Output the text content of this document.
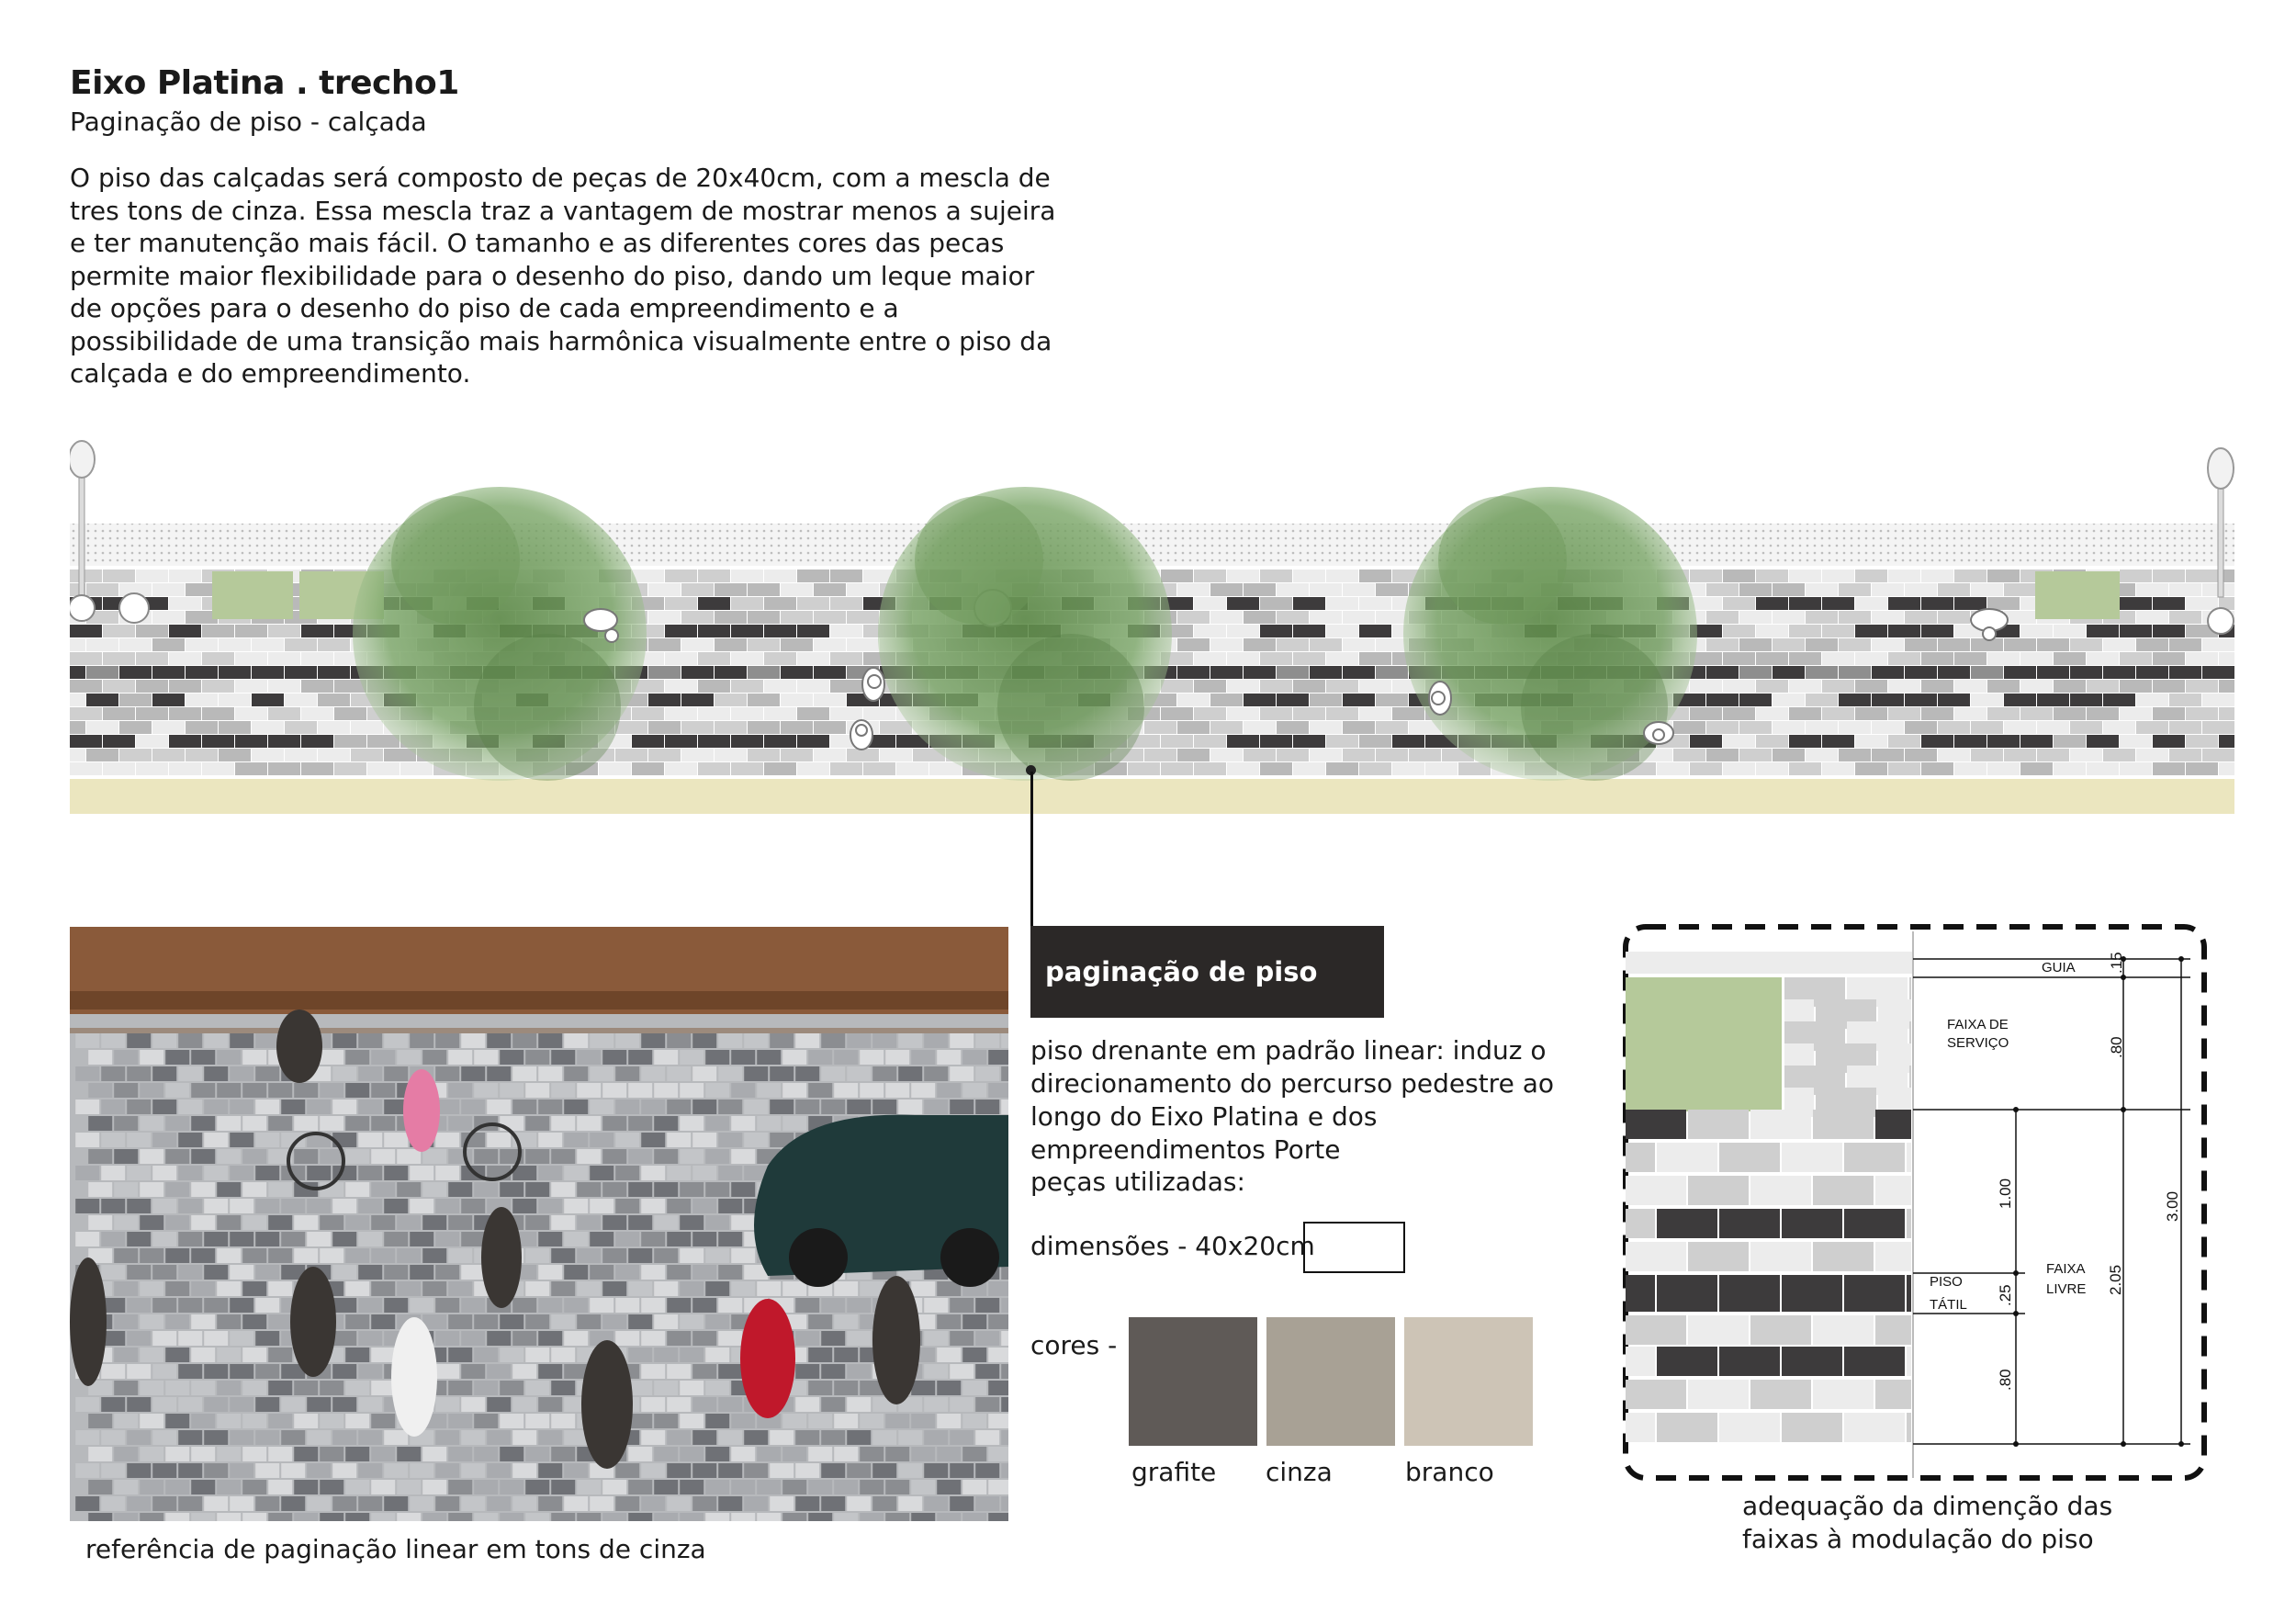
Eixo Platina . trecho1
Paginação de piso - calçada
O piso das calçadas será composto de peças de 20x40cm, com a mescla de tres tons de cinza. Essa mescla traz a vantagem de mostrar menos a sujeira e ter manutenção mais fácil. O tamanho e as diferentes cores das pecas permite maior flexibilidade para o desenho do piso, dando um leque maior de opções para o desenho do piso de cada empreendimento e a possibilidade de uma transição mais harmônica visualmente entre o piso da calçada e do empreendimento.
referência de paginação linear em tons de cinza
paginação de piso
piso drenante em padrão linear: induz o direcionamento do percurso pedestre ao longo do Eixo Platina e dos empreendimentos Porte
peças utilizadas:
dimensões - 40x20cm
cores -
grafite cinza	branco
GUIA
FAIXA DE
SERVIÇO
PISO
TÁTIL
FAIXA
LIVRE
.15
.80
1.00
.25
.80
2.05
3.00
adequação da dimenção das faixas à modulação do piso
